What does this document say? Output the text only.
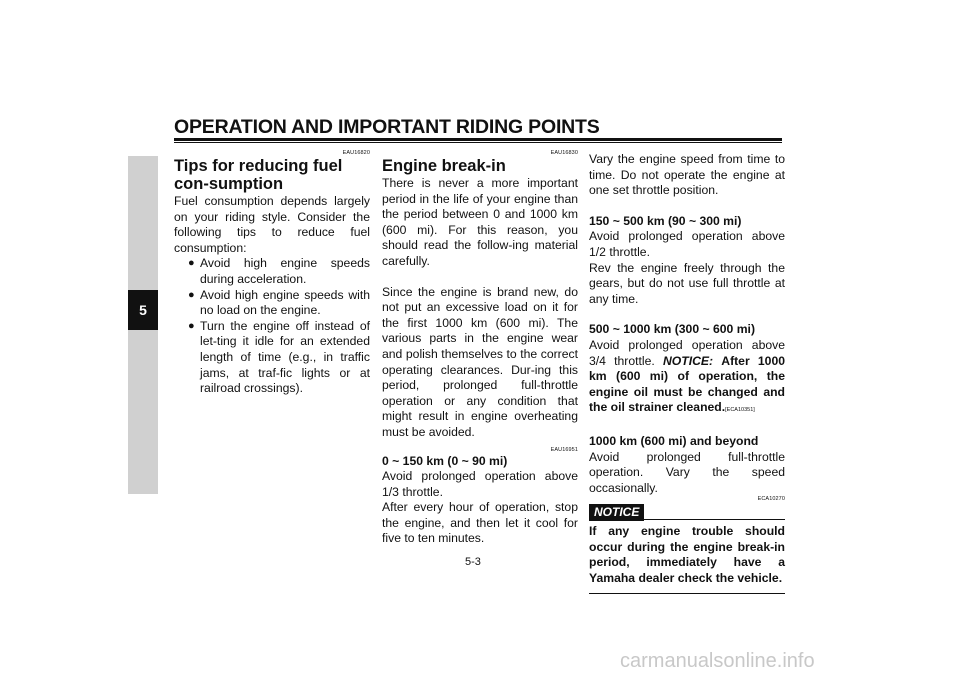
OPERATION AND IMPORTANT RIDING POINTS
5
EAU16820
Tips for reducing fuel con-sumption

Fuel consumption depends largely on your riding style. Consider the following tips to reduce fuel consumption:

● Avoid high engine speeds during acceleration.
● Avoid high engine speeds with no load on the engine.
● Turn the engine off instead of let-ting it idle for an extended length of time (e.g., in traffic jams, at traf-fic lights or at railroad crossings).
EAU16830
Engine break-in

There is never a more important period in the life of your engine than the period between 0 and 1000 km (600 mi). For this reason, you should read the follow-ing material carefully.

Since the engine is brand new, do not put an excessive load on it for the first 1000 km (600 mi). The various parts in the engine wear and polish themselves to the correct operating clearances. Dur-ing this period, prolonged full-throttle operation or any condition that might result in engine overheating must be avoided.

EAU16951

0 ~ 150 km (0 ~ 90 mi)

Avoid prolonged operation above 1/3 throttle.

After every hour of operation, stop the engine, and then let it cool for five to ten minutes.

Vary the engine speed from time to time. Do not operate the engine at one set throttle position.

150 ~ 500 km (90 ~ 300 mi)

Avoid prolonged operation above 1/2 throttle.

Rev the engine freely through the gears, but do not use full throttle at any time.

500 ~ 1000 km (300 ~ 600 mi)

Avoid prolonged operation above 3/4 throttle. NOTICE: After 1000 km (600 mi) of operation, the engine oil must be changed and the oil strainer cleaned.[ECA10351]

1000 km (600 mi) and beyond

Avoid prolonged full-throttle operation. Vary the speed occasionally.

ECA10270
NOTICE

If any engine trouble should occur during the engine break-in period, immediately have a Yamaha dealer check the vehicle.

5-3
carmanualsonline.info
